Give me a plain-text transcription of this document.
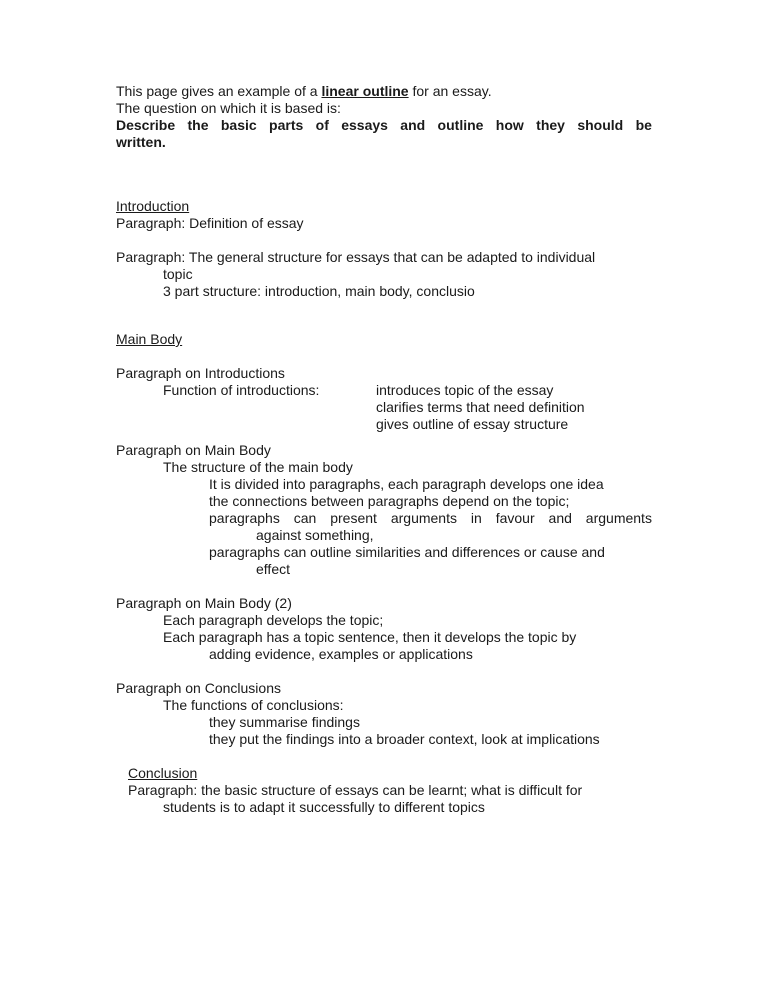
This page gives an example of a linear outline for an essay.
The question on which it is based is:
Describe the basic parts of essays and outline how they should be
written.
Introduction
Paragraph: Definition of essay
Paragraph: The general structure for essays that can be adapted to individual
topic
3 part structure: introduction, main body, conclusio
Main Body
Paragraph on Introductions
Function of introductions:	introduces topic of the essay
clarifies terms that need definition
gives outline of essay structure
Paragraph on Main Body
The structure of the main body
It is divided into paragraphs, each paragraph develops one idea
the connections between paragraphs depend on the topic;
paragraphs can present arguments in favour and arguments
against something,
paragraphs can outline similarities and differences or cause and
effect
Paragraph on Main Body (2)
Each paragraph develops the topic;
Each paragraph has a topic sentence, then it develops the topic by
adding evidence, examples or applications
Paragraph on Conclusions
The functions of conclusions:
they summarise findings
they put the findings into a broader context, look at implications
Conclusion
Paragraph: the basic structure of essays can be learnt; what is difficult for
students is to adapt it successfully to different topics
